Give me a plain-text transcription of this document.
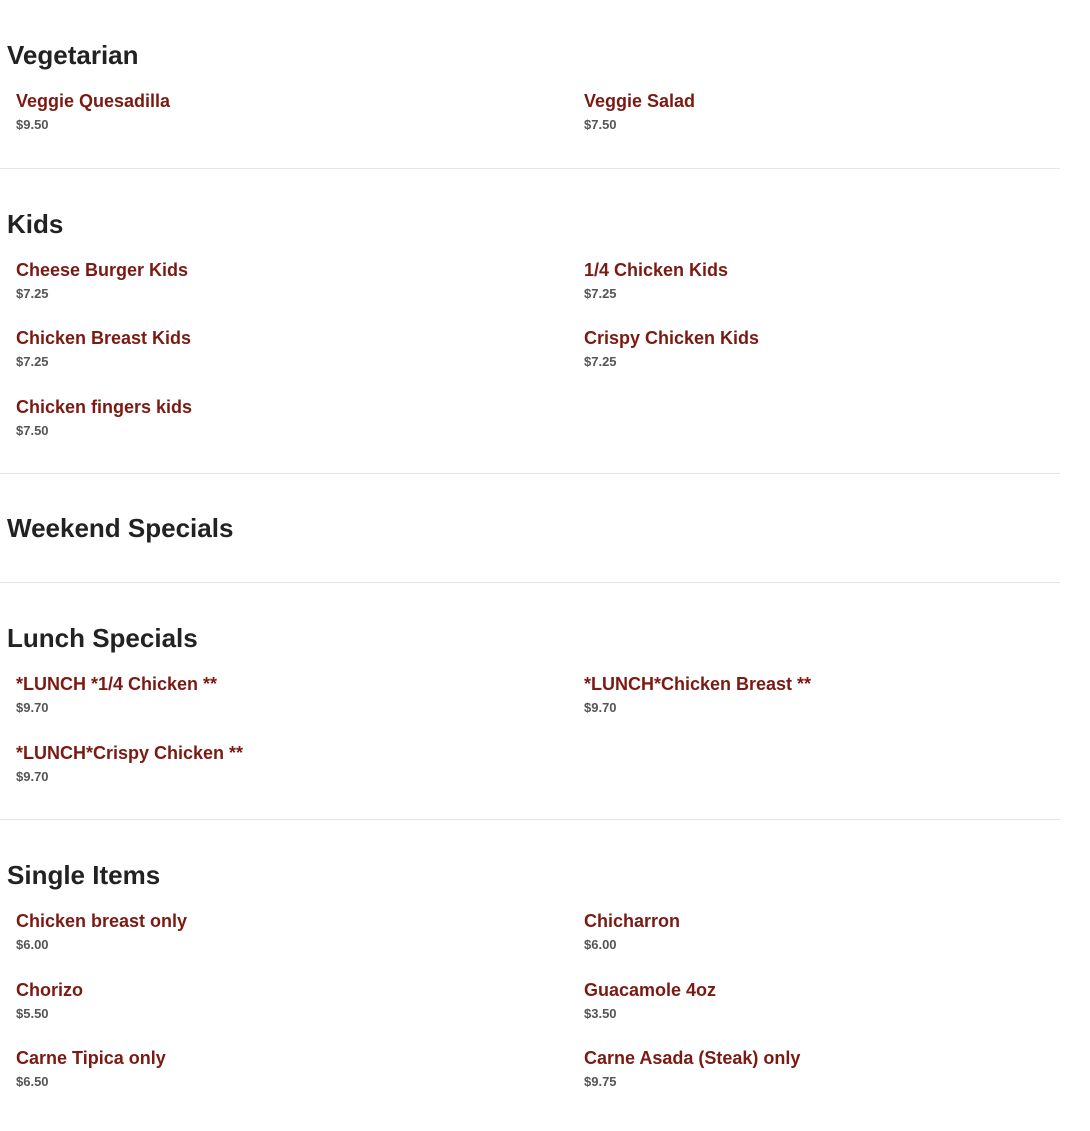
Vegetarian
Veggie Quesadilla
$9.50
Veggie Salad
$7.50
Kids
Cheese Burger Kids
$7.25
1/4 Chicken Kids
$7.25
Chicken Breast Kids
$7.25
Crispy Chicken Kids
$7.25
Chicken fingers kids
$7.50
Weekend Specials
Lunch Specials
*LUNCH *1/4 Chicken **
$9.70
*LUNCH*Chicken Breast **
$9.70
*LUNCH*Crispy Chicken **
$9.70
Single Items
Chicken breast only
$6.00
Chicharron
$6.00
Chorizo
$5.50
Guacamole 4oz
$3.50
Carne Tipica only
$6.50
Carne Asada (Steak) only
$9.75
